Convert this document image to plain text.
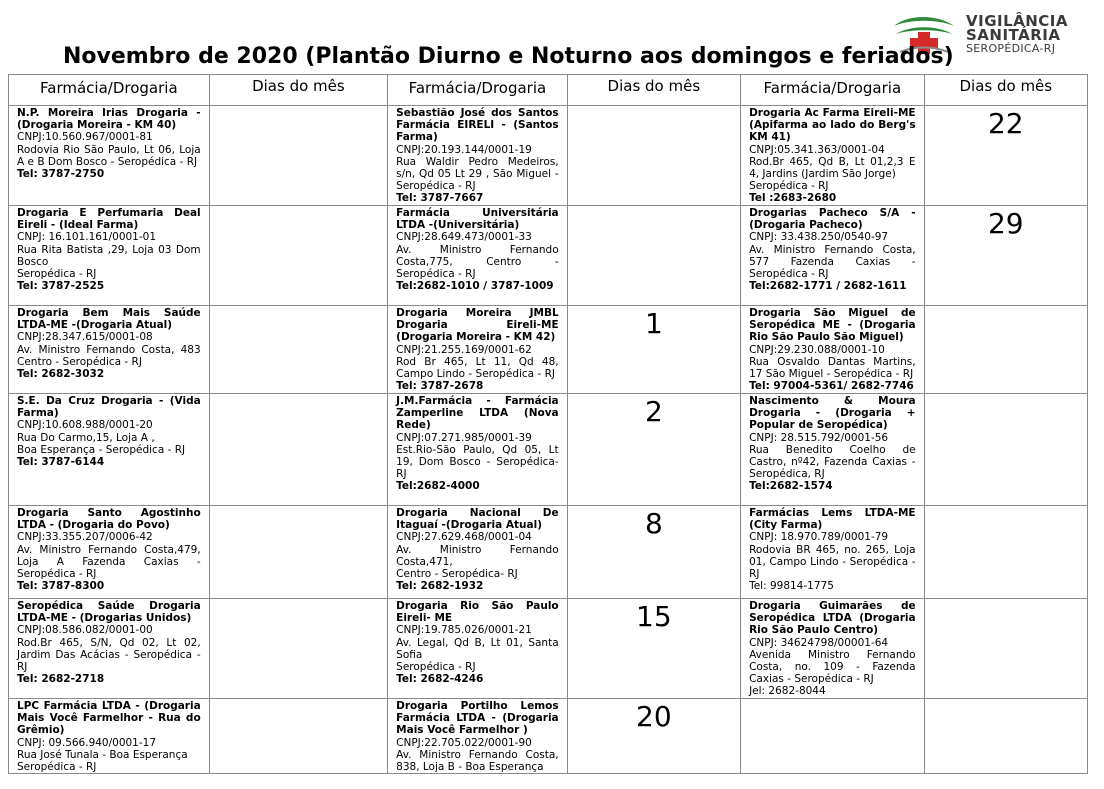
VIGILÂNCIA
SANITÁRIA
SEROPÉDICA-RJ
Novembro de 2020 (Plantão Diurno e Noturno aos domingos e feriados)
Farmácia/Drogaria	Dias do mês	Farmácia/Drogaria	Dias do mês	Farmácia/Drogaria	Dias do mês

N.P. Moreira Irias Drogaria - (Drogaria Moreira - KM 40)
CNPJ:10.560.967/0001-81
Rodovia Rio São Paulo, Lt 06, Loja A e B Dom Bosco - Seropédica - RJ
Tel: 3787-2750		Sebastião José dos Santos Farmácia EIRELI - (Santos Farma)
CNPJ:20.193.144/0001-19
Rua Waldir Pedro Medeiros, s/n, Qd 05 Lt 29 , São Miguel - Seropédica - RJ
Tel: 3787-7667		Drogaria Ac Farma Eireli-ME (Apifarma ao lado do Berg's KM 41)
CNPJ:05.341.363/0001-04
Rod.Br 465, Qd B, Lt 01,2,3 E 4, Jardins (Jardim São Jorge)
Seropédica - RJ
Tel :2683-2680	22

Drogaria E Perfumaria Deal Eireli - (Ideal Farma)
CNPJ: 16.101.161/0001-01
Rua Rita Batista ,29, Loja 03 Dom Bosco
Seropédica - RJ
Tel: 3787-2525		Farmácia Universitária LTDA -(Universitária)
CNPJ:28.649.473/0001-33
Av. Ministro Fernando Costa,775, Centro - Seropédica - RJ
Tel:2682-1010 / 3787-1009		Drogarias Pacheco S/A - (Drogaria Pacheco)
CNPJ: 33.438.250/0540-97
Av. Ministro Fernando Costa, 577 Fazenda Caxias - Seropédica - RJ
Tel:2682-1771 / 2682-1611	29

Drogaria Bem Mais Saúde LTDA-ME -(Drogaria Atual)
CNPJ:28.347.615/0001-08
Av. Ministro Fernando Costa, 483 Centro - Seropédica - RJ
Tel: 2682-3032		Drogaria Moreira JMBL Drogaria Eireli-ME (Drogaria Moreira - KM 42)
CNPJ:21.255.169/0001-62
Rod Br 465, Lt 11, Qd 48, Campo Lindo - Seropédica - RJ
Tel: 3787-2678	1	Drogaria São Miguel de Seropédica ME - (Drogaria Rio São Paulo São Miguel)
CNPJ:29.230.088/0001-10
Rua Osvaldo Dantas Martins, 17 São Miguel - Seropédica - RJ
Tel: 97004-5361/ 2682-7746	

S.E. Da Cruz Drogaria - (Vida Farma)
CNPJ:10.608.988/0001-20
Rua Do Carmo,15, Loja A ,
Boa Esperança - Seropédica - RJ
Tel: 3787-6144		J.M.Farmácia - Farmácia Zamperline LTDA (Nova Rede)
CNPJ:07.271.985/0001-39
Est.Rio-São Paulo, Qd 05, Lt 19, Dom Bosco - Seropédica-RJ
Tel:2682-4000	2	Nascimento & Moura Drogaria - (Drogaria + Popular de Seropédica)
CNPJ: 28.515.792/0001-56
Rua Benedito Coelho de Castro, nº42, Fazenda Caxias - Seropédica, RJ
Tel:2682-1574	

Drogaria Santo Agostinho LTDA - (Drogaria do Povo)
CNPJ:33.355.207/0006-42
Av. Ministro Fernando Costa,479, Loja A Fazenda Caxias - Seropédica - RJ
Tel: 3787-8300		Drogaria Nacional De Itaguaí -(Drogaria Atual)
CNPJ:27.629.468/0001-04
Av. Ministro Fernando Costa,471,
Centro - Seropédica- RJ
Tel: 2682-1932	8	Farmácias Lems LTDA-ME (City Farma)
CNPJ: 18.970.789/0001-79
Rodovia BR 465, no. 265, Loja 01, Campo Lindo - Seropédica - RJ
Tel: 99814-1775	

Seropédica Saúde Drogaria LTDA-ME - (Drogarias Unidos)
CNPJ:08.586.082/0001-00
Rod.Br 465, S/N, Qd 02, Lt 02, Jardim Das Acácias - Seropédica - RJ
Tel: 2682-2718		Drogaria Rio São Paulo Eireli- ME
CNPJ:19.785.026/0001-21
Av. Legal, Qd B, Lt 01, Santa Sofia
Seropédica - RJ
Tel: 2682-4246	15	Drogaria Guimarães de Seropédica LTDA (Drogaria Rio São Paulo Centro)
CNPJ: 34624798/00001-64
Avenida Ministro Fernando Costa, no. 109 - Fazenda Caxias - Seropédica - RJ
Jel: 2682-8044	

LPC Farmácia LTDA - (Drogaria Mais Você Farmelhor - Rua do Grêmio)
CNPJ: 09.566.940/0001-17
Rua José Tunala - Boa Esperança
Seropédica - RJ		Drogaria Portilho Lemos Farmácia LTDA - (Drogaria Mais Você Farmelhor )
CNPJ:22.705.022/0001-90
Av. Ministro Fernando Costa, 838, Loja B - Boa Esperança	20	
